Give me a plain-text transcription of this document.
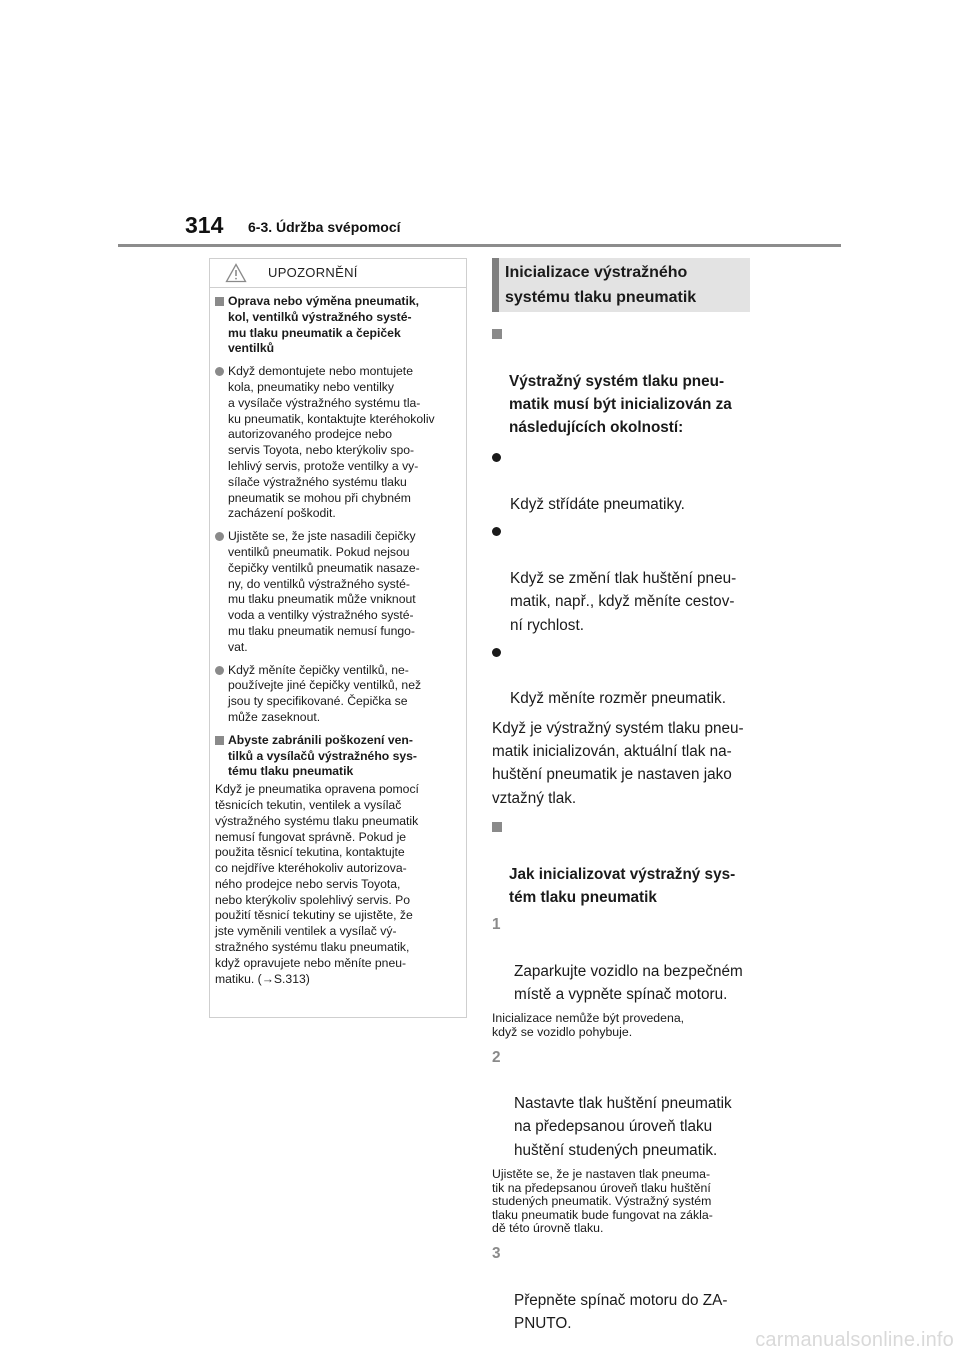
314 6-3. Údržba svépomocí
UPOZORNĚNÍ
Oprava nebo výměna pneumatik,
kol, ventilků výstražného systé-
mu tlaku pneumatik a čepiček
ventilků
Když demontujete nebo montujete
kola, pneumatiky nebo ventilky
a vysílače výstražného systému tla-
ku pneumatik, kontaktujte kteréhokoliv
autorizovaného prodejce nebo
servis Toyota, nebo kterýkoliv spo-
lehlivý servis, protože ventilky a vy-
sílače výstražného systému tlaku
pneumatik se mohou při chybném
zacházení poškodit.
Ujistěte se, že jste nasadili čepičky
ventilků pneumatik. Pokud nejsou
čepičky ventilků pneumatik nasaze-
ny, do ventilků výstražného systé-
mu tlaku pneumatik může vniknout
voda a ventilky výstražného systé-
mu tlaku pneumatik nemusí fungo-
vat.
Když měníte čepičky ventilků, ne-
používejte jiné čepičky ventilků, než
jsou ty specifikované. Čepička se
může zaseknout.
Abyste zabránili poškození ven-
tilků a vysílačů výstražného sys-
tému tlaku pneumatik
Když je pneumatika opravena pomocí
těsnicích tekutin, ventilek a vysílač
výstražného systému tlaku pneumatik
nemusí fungovat správně. Pokud je
použita těsnicí tekutina, kontaktujte
co nejdříve kteréhokoliv autorizova-
ného prodejce nebo servis Toyota,
nebo kterýkoliv spolehlivý servis. Po
použití těsnicí tekutiny se ujistěte, že
jste vyměnili ventilek a vysílač vý-
stražného systému tlaku pneumatik,
když opravujete nebo měníte pneu-
matiku. (→S.313)
Inicializace výstražného
systému tlaku pneumatik

Výstražný systém tlaku pneu-
matik musí být inicializován za
následujících okolností:

Když střídáte pneumatiky.

Když se změní tlak huštění pneu-
matik, např., když měníte cestov-
ní rychlost.

Když měníte rozměr pneumatik.

Když je výstražný systém tlaku pneu-
matik inicializován, aktuální tlak na-
huštění pneumatik je nastaven jako
vztažný tlak.

Jak inicializovat výstražný sys-
tém tlaku pneumatik

1

Zaparkujte vozidlo na bezpečném
místě a vypněte spínač motoru.

Inicializace nemůže být provedena,
když se vozidlo pohybuje.

2

Nastavte tlak huštění pneumatik
na předepsanou úroveň tlaku
huštění studených pneumatik.

Ujistěte se, že je nastaven tlak pneuma-
tik na předepsanou úroveň tlaku huštění
studených pneumatik. Výstražný systém
tlaku pneumatik bude fungovat na zákla-
dě této úrovně tlaku.

3

Přepněte spínač motoru do ZA-
PNUTO.

carmanualsonline.info
